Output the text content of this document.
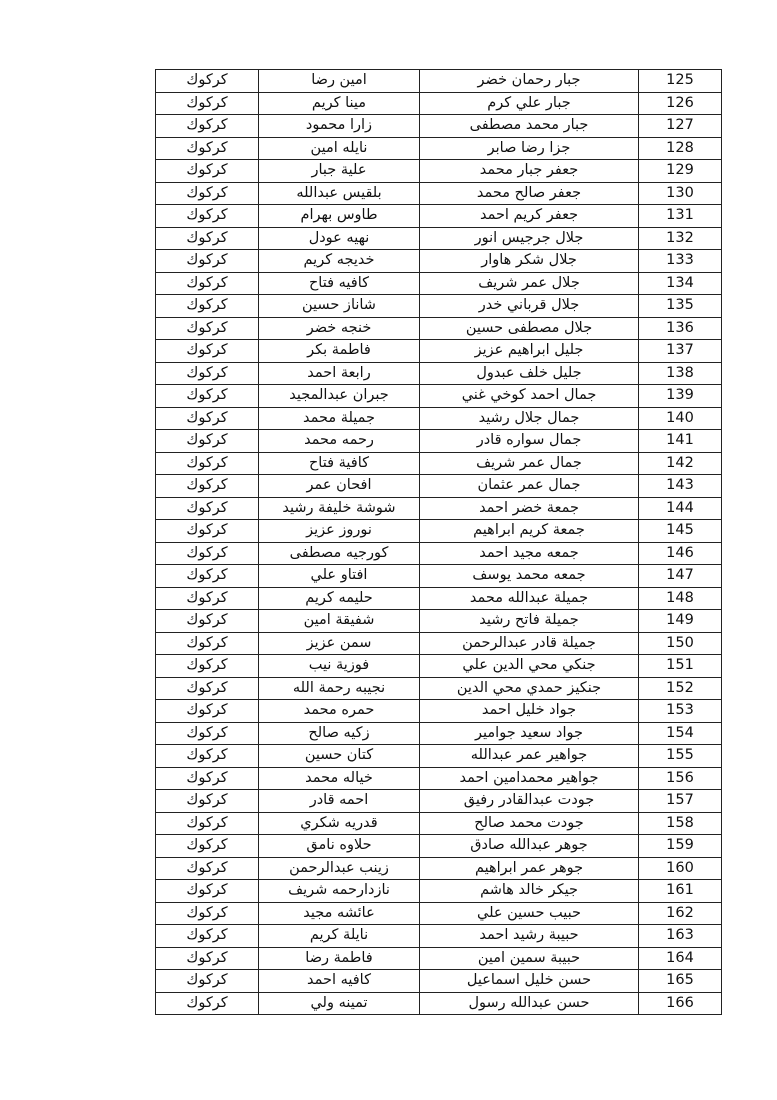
كركوك	امين رضا	جبار رحمان خضر	125
كركوك	مينا كريم	جبار علي كرم	126
كركوك	زارا محمود	جبار محمد مصطفى	127
كركوك	نايله امين	جزا رضا صابر	128
كركوك	علية جبار	جعفر جبار محمد	129
كركوك	بلقيس عبدالله	جعفر صالح محمد	130
كركوك	طاوس بهرام	جعفر كريم احمد	131
كركوك	نهيه عودل	جلال جرجيس انور	132
كركوك	خديجه كريم	جلال شكر هاوار	133
كركوك	كافيه فتاح	جلال عمر شريف	134
كركوك	شاناز حسين	جلال قرباني خدر	135
كركوك	خنجه خضر	جلال مصطفى حسين	136
كركوك	فاطمة بكر	جليل ابراهيم عزيز	137
كركوك	رابعة احمد	جليل خلف عبدول	138
كركوك	جبران عبدالمجيد	جمال احمد كوخي غني	139
كركوك	جميلة محمد	جمال جلال رشيد	140
كركوك	رحمه محمد	جمال سواره قادر	141
كركوك	كافية فتاح	جمال عمر شريف	142
كركوك	افحان عمر	جمال عمر عثمان	143
كركوك	شوشة خليفة رشيد	جمعة خضر احمد	144
كركوك	نوروز عزيز	جمعة كريم ابراهيم	145
كركوك	كورجيه مصطفى	جمعه مجيد احمد	146
كركوك	افتاو علي	جمعه محمد يوسف	147
كركوك	حليمه كريم	جميلة عبدالله محمد	148
كركوك	شفيقة امين	جميلة فاتح رشيد	149
كركوك	سمن عزيز	جميلة قادر عبدالرحمن	150
كركوك	فوزية نيب	جنكي محي الدين علي	151
كركوك	نجيبه رحمة الله	جنكيز حمدي محي الدين	152
كركوك	حمره محمد	جواد خليل احمد	153
كركوك	زكيه صالح	جواد سعيد جوامير	154
كركوك	كتان حسين	جواهير عمر عبدالله	155
كركوك	خياله محمد	جواهير محمدامين احمد	156
كركوك	احمه قادر	جودت عبدالقادر رفيق	157
كركوك	قدريه شكري	جودت محمد صالح	158
كركوك	حلاوه نامق	جوهر عبدالله صادق	159
كركوك	زينب عبدالرحمن	جوهر عمر ابراهيم	160
كركوك	نازدارحمه شريف	جيكر خالد هاشم	161
كركوك	عائشه مجيد	حبيب حسين علي	162
كركوك	نايلة كريم	حبيبة رشيد احمد	163
كركوك	فاطمة رضا	حبيبة سمين امين	164
كركوك	كافيه احمد	حسن خليل اسماعيل	165
كركوك	تمينه ولي	حسن عبدالله رسول	166
